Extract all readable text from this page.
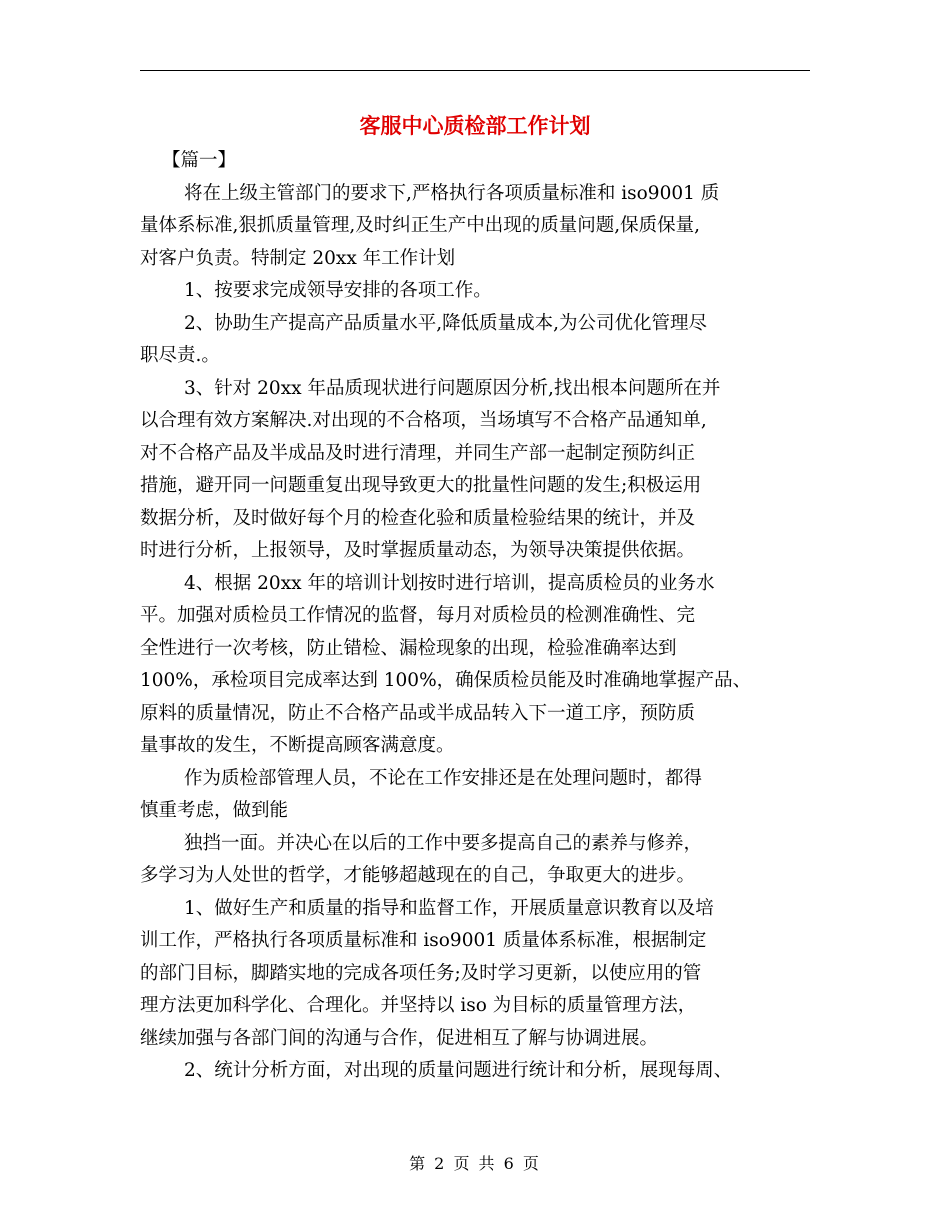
客服中心质检部工作计划
【篇一】
将在上级主管部门的要求下,严格执行各项质量标准和 iso9001 质
量体系标准,狠抓质量管理,及时纠正生产中出现的质量问题,保质保量,
对客户负责。特制定 20xx 年工作计划
1、按要求完成领导安排的各项工作。
2、协助生产提高产品质量水平,降低质量成本,为公司优化管理尽
职尽责.。
3、针对 20xx 年品质现状进行问题原因分析,找出根本问题所在并
以合理有效方案解决.对出现的不合格项，当场填写不合格产品通知单,
对不合格产品及半成品及时进行清理，并同生产部一起制定预防纠正
措施，避开同一问题重复出现导致更大的批量性问题的发生;积极运用
数据分析，及时做好每个月的检查化验和质量检验结果的统计，并及
时进行分析，上报领导，及时掌握质量动态，为领导决策提供依据。
4、根据 20xx 年的培训计划按时进行培训，提高质检员的业务水
平。加强对质检员工作情况的监督，每月对质检员的检测准确性、完
全性进行一次考核，防止错检、漏检现象的出现，检验准确率达到
100%，承检项目完成率达到 100%，确保质检员能及时准确地掌握产品、
原料的质量情况，防止不合格产品或半成品转入下一道工序，预防质
量事故的发生，不断提高顾客满意度。
作为质检部管理人员，不论在工作安排还是在处理问题时，都得
慎重考虑，做到能
独挡一面。并决心在以后的工作中要多提高自己的素养与修养，
多学习为人处世的哲学，才能够超越现在的自己，争取更大的进步。
1、做好生产和质量的指导和监督工作，开展质量意识教育以及培
训工作，严格执行各项质量标准和 iso9001 质量体系标准，根据制定
的部门目标，脚踏实地的完成各项任务;及时学习更新，以使应用的管
理方法更加科学化、合理化。并坚持以 iso 为目标的质量管理方法，
继续加强与各部门间的沟通与合作，促进相互了解与协调进展。
2、统计分析方面，对出现的质量问题进行统计和分析，展现每周、
第 2 页 共 6 页
